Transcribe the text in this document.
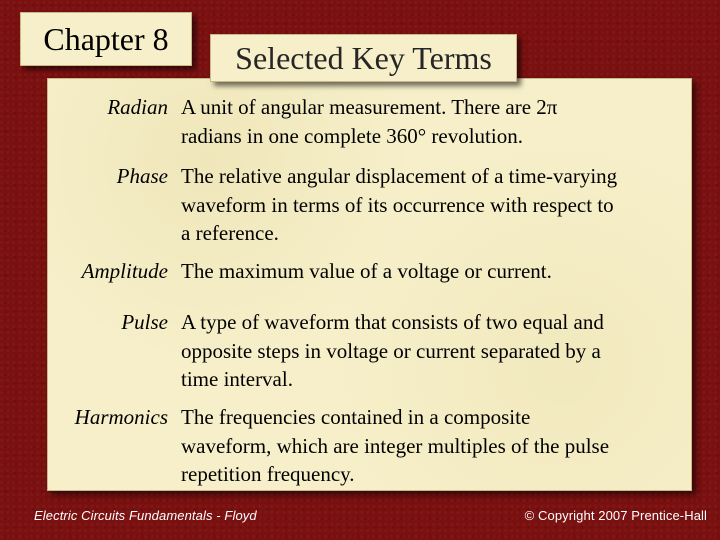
Chapter 8
Selected Key Terms
Radian A unit of angular measurement. There are 2π
radians in one complete 360° revolution.
Phase The relative angular displacement of a time-varying
waveform in terms of its occurrence with respect to
a reference.
Amplitude The maximum value of a voltage or current.
Pulse A type of waveform that consists of two equal and
opposite steps in voltage or current separated by a
time interval.
Harmonics The frequencies contained in a composite
waveform, which are integer multiples of the pulse
repetition frequency.
Electric Circuits Fundamentals - Floyd	© Copyright 2007 Prentice-Hall
